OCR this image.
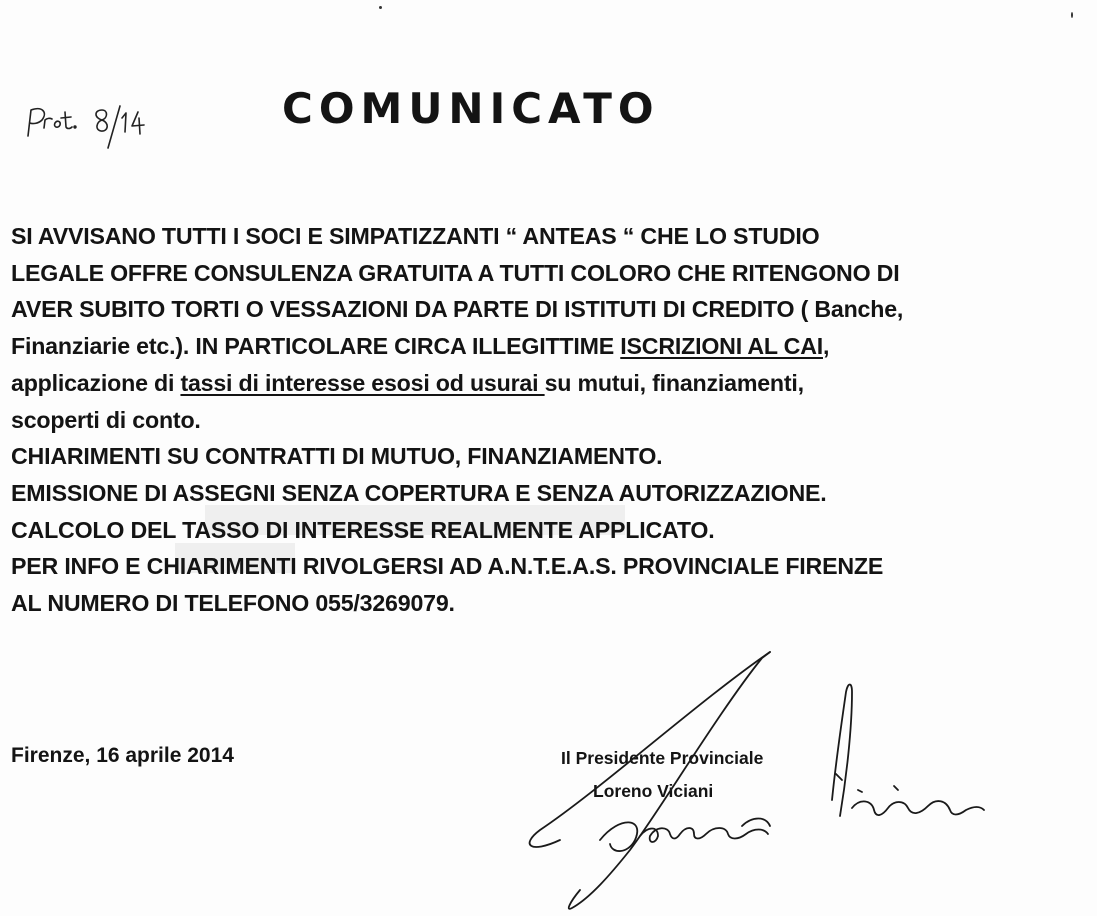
COMUNICATO
SI AVVISANO TUTTI I SOCI E SIMPATIZZANTI “ ANTEAS “ CHE LO STUDIO
LEGALE OFFRE CONSULENZA GRATUITA A TUTTI COLORO CHE RITENGONO DI
AVER SUBITO TORTI O VESSAZIONI DA PARTE DI ISTITUTI DI CREDITO ( Banche,
Finanziarie etc.). IN PARTICOLARE CIRCA ILLEGITTIME ISCRIZIONI AL CAI,
applicazione di tassi di interesse esosi od usurai su mutui, finanziamenti,
scoperti di conto.
CHIARIMENTI SU CONTRATTI DI MUTUO, FINANZIAMENTO.
EMISSIONE DI ASSEGNI SENZA COPERTURA E SENZA AUTORIZZAZIONE.
CALCOLO DEL TASSO DI INTERESSE REALMENTE APPLICATO.
PER INFO E CHIARIMENTI RIVOLGERSI AD A.N.T.E.A.S. PROVINCIALE FIRENZE
AL NUMERO DI TELEFONO 055/3269079.
Firenze, 16 aprile 2014	Il Presidente Provinciale
Loreno Viciani
